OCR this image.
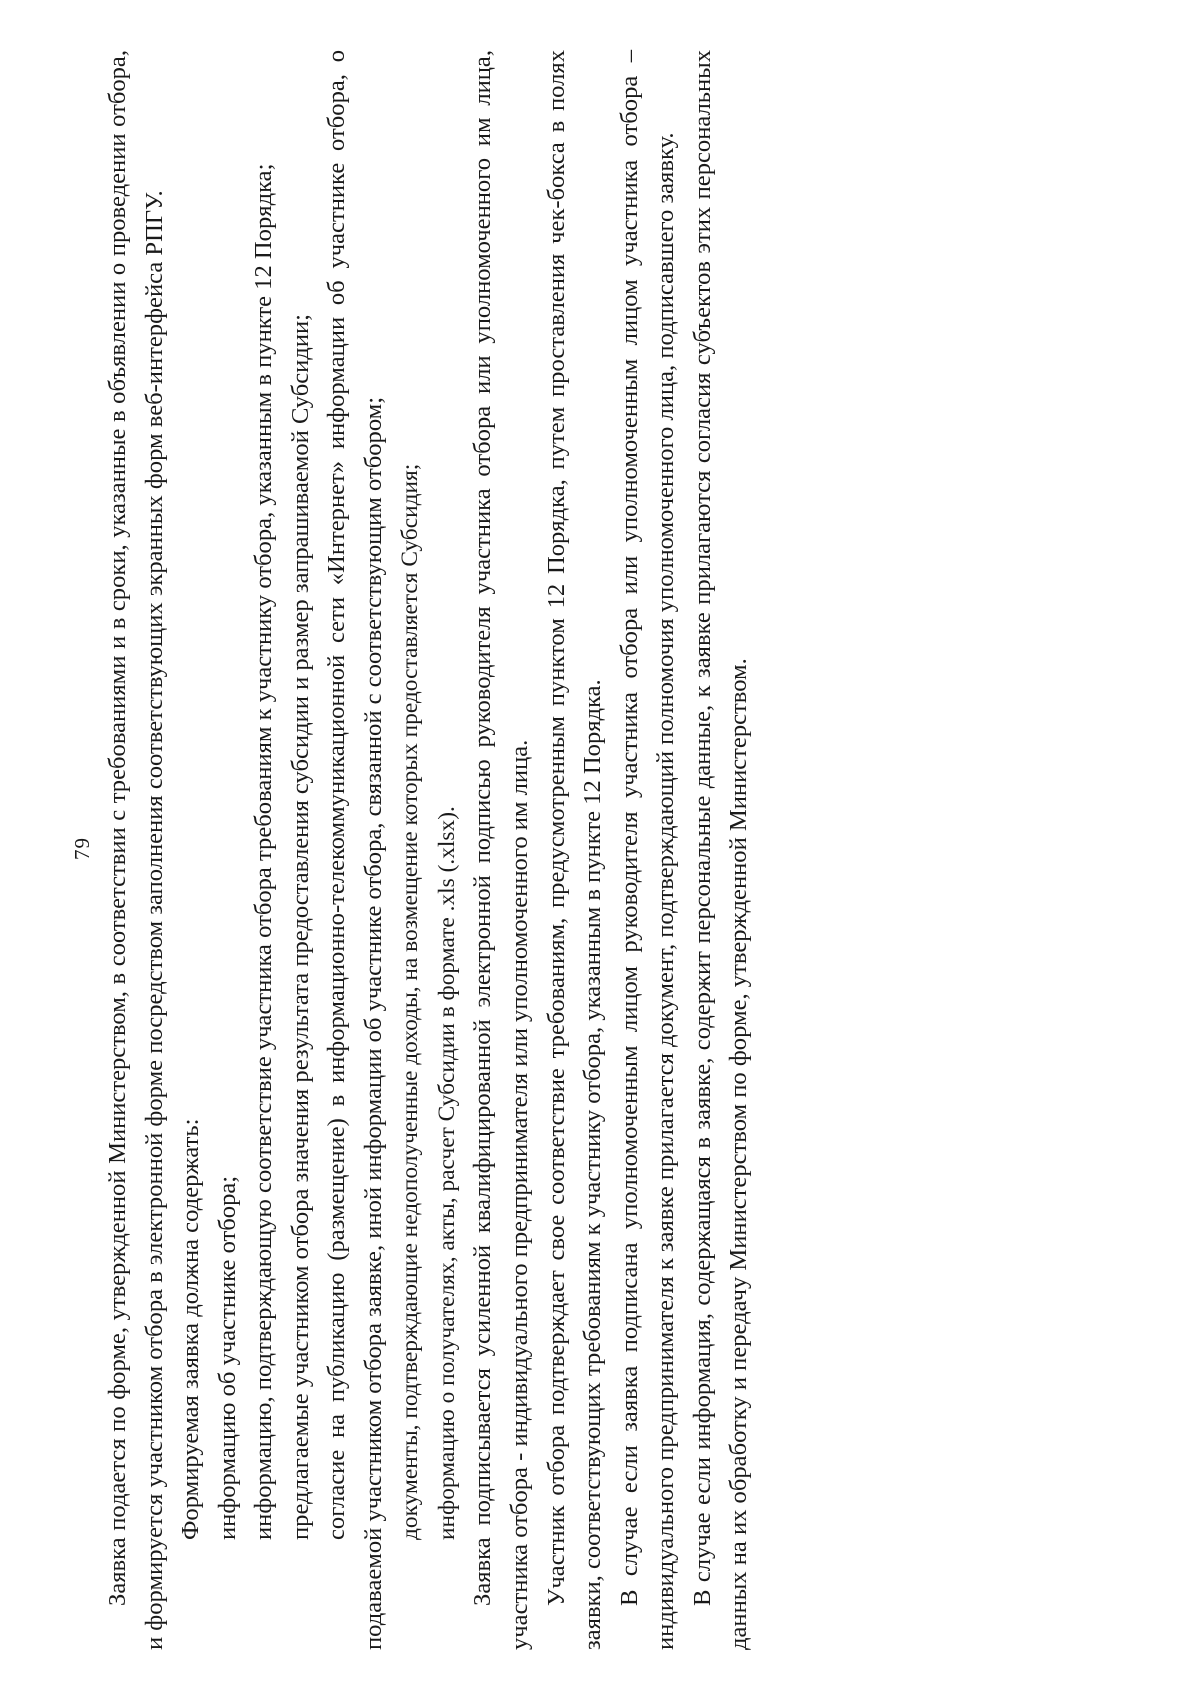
79 Заявка подается по форме, утвержденной Министерством, в соответствии с требованиями и в сроки, указанные в объявлении о проведении отбора, и формируется участником отбора в электронной форме посредством заполнения соответствующих экранных форм веб-интерфейса РПГУ. Формируемая заявка должна содержать: информацию об участнике отбора; информацию, подтверждающую соответствие участника отбора требованиям к участнику отбора, указанным в пункте 12 Порядка; предлагаемые участником отбора значения результата предоставления субсидии и размер запрашиваемой Субсидии; согласие на публикацию (размещение) в информационно-телекоммуникационной сети «Интернет» информации об участнике отбора, о подаваемой участником отбора заявке, иной информации об участнике отбора, связанной с соответствующим отбором; документы, подтверждающие недополученные доходы, на возмещение которых предоставляется Субсидия; информацию о получателях, акты, расчет Субсидии в формате .xls (.xlsx). Заявка подписывается усиленной квалифицированной электронной подписью руководителя участника отбора или уполномоченного им лица, участника отбора - индивидуального предпринимателя или уполномоченного им лица. Участник отбора подтверждает свое соответствие требованиям, предусмотренным пунктом 12 Порядка, путем проставления чек-бокса в полях заявки, соответствующих требованиям к участнику отбора, указанным в пункте 12 Порядка. В случае если заявка подписана уполномоченным лицом руководителя участника отбора или уполномоченным лицом участника отбора – индивидуального предпринимателя к заявке прилагается документ, подтверждающий полномочия уполномоченного лица, подписавшего заявку. В случае если информация, содержащаяся в заявке, содержит персональные данные, к заявке прилагаются согласия субъектов этих персональных данных на их обработку и передачу Министерством по форме, утвержденной Министерством.
